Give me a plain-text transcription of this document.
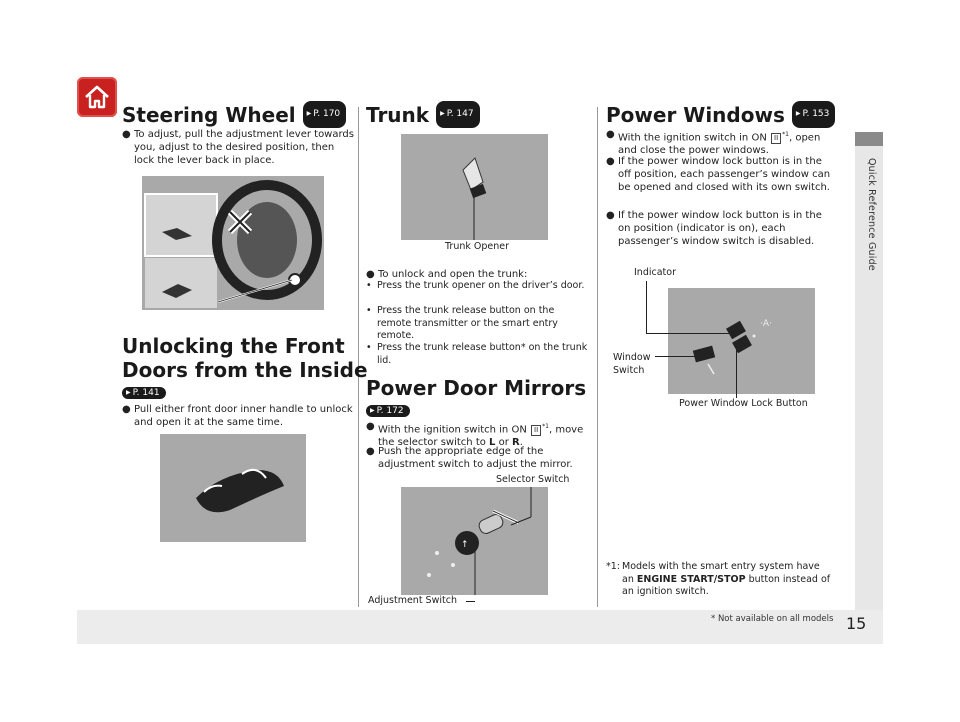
Quick Reference Guide
* Not available on all models 15
Steering Wheel ▶ P. 170
● To adjust, pull the adjustment lever towards you, adjust to the desired position, then lock the lever back in place.
Unlocking the Front
Doors from the Inside
▶ P. 141
● Pull either front door inner handle to unlock and open it at the same time.
Trunk ▶ P. 147
Trunk Opener
● To unlock and open the trunk:
• Press the trunk opener on the driver’s door.
• Press the trunk release button on the remote transmitter or the smart entry remote.
• Press the trunk release button* on the trunk lid.
Power Door Mirrors
▶ P. 172
● With the ignition switch in ON II $^{*1}$, move the selector switch to L or R.
● Push the appropriate edge of the adjustment switch to adjust the mirror.
Selector Switch
↑
Adjustment Switch
Power Windows ▶ P. 153
● With the ignition switch in ON II $^{*1}$, open and close the power windows.
● If the power window lock button is in the off position, each passenger’s window can be opened and closed with its own switch.
● If the power window lock button is in the on position (indicator is on), each passenger’s window switch is disabled.
Indicator
·A·
Window
Switch
Power Window Lock Button
*1: Models with the smart entry system have an ENGINE START/STOP button instead of an ignition switch.
